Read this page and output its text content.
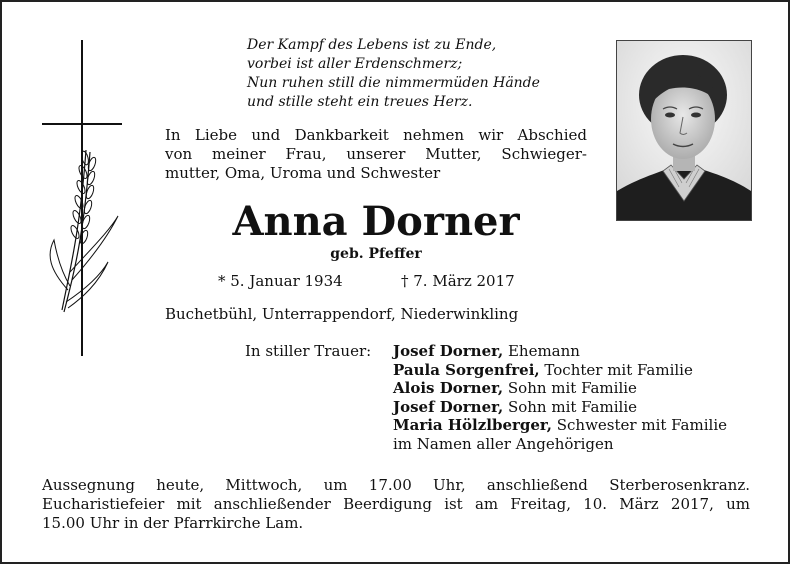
Der Kampf des Lebens ist zu Ende,
vorbei ist aller Erdenschmerz;
Nun ruhen still die nimmermüden Hände
und stille steht ein treues Herz.
In Liebe und Dankbarkeit nehmen wir Abschied
von meiner Frau, unserer Mutter, Schwieger-
mutter, Oma, Uroma und Schwester
Anna Dorner
geb. Pfeffer
* 5. Januar 1934	† 7. März 2017
Buchetbühl, Unterrappendorf, Niederwinkling
In stiller Trauer: Josef Dorner, Ehemann
Paula Sorgenfrei, Tochter mit Familie
Alois Dorner, Sohn mit Familie
Josef Dorner, Sohn mit Familie
Maria Hölzlberger, Schwester mit Familie
im Namen aller Angehörigen
Aussegnung heute, Mittwoch, um 17.00 Uhr, anschließend Sterberosenkranz.
Eucharistiefeier mit anschließender Beerdigung ist am Freitag, 10. März 2017, um
15.00 Uhr in der Pfarrkirche Lam.
